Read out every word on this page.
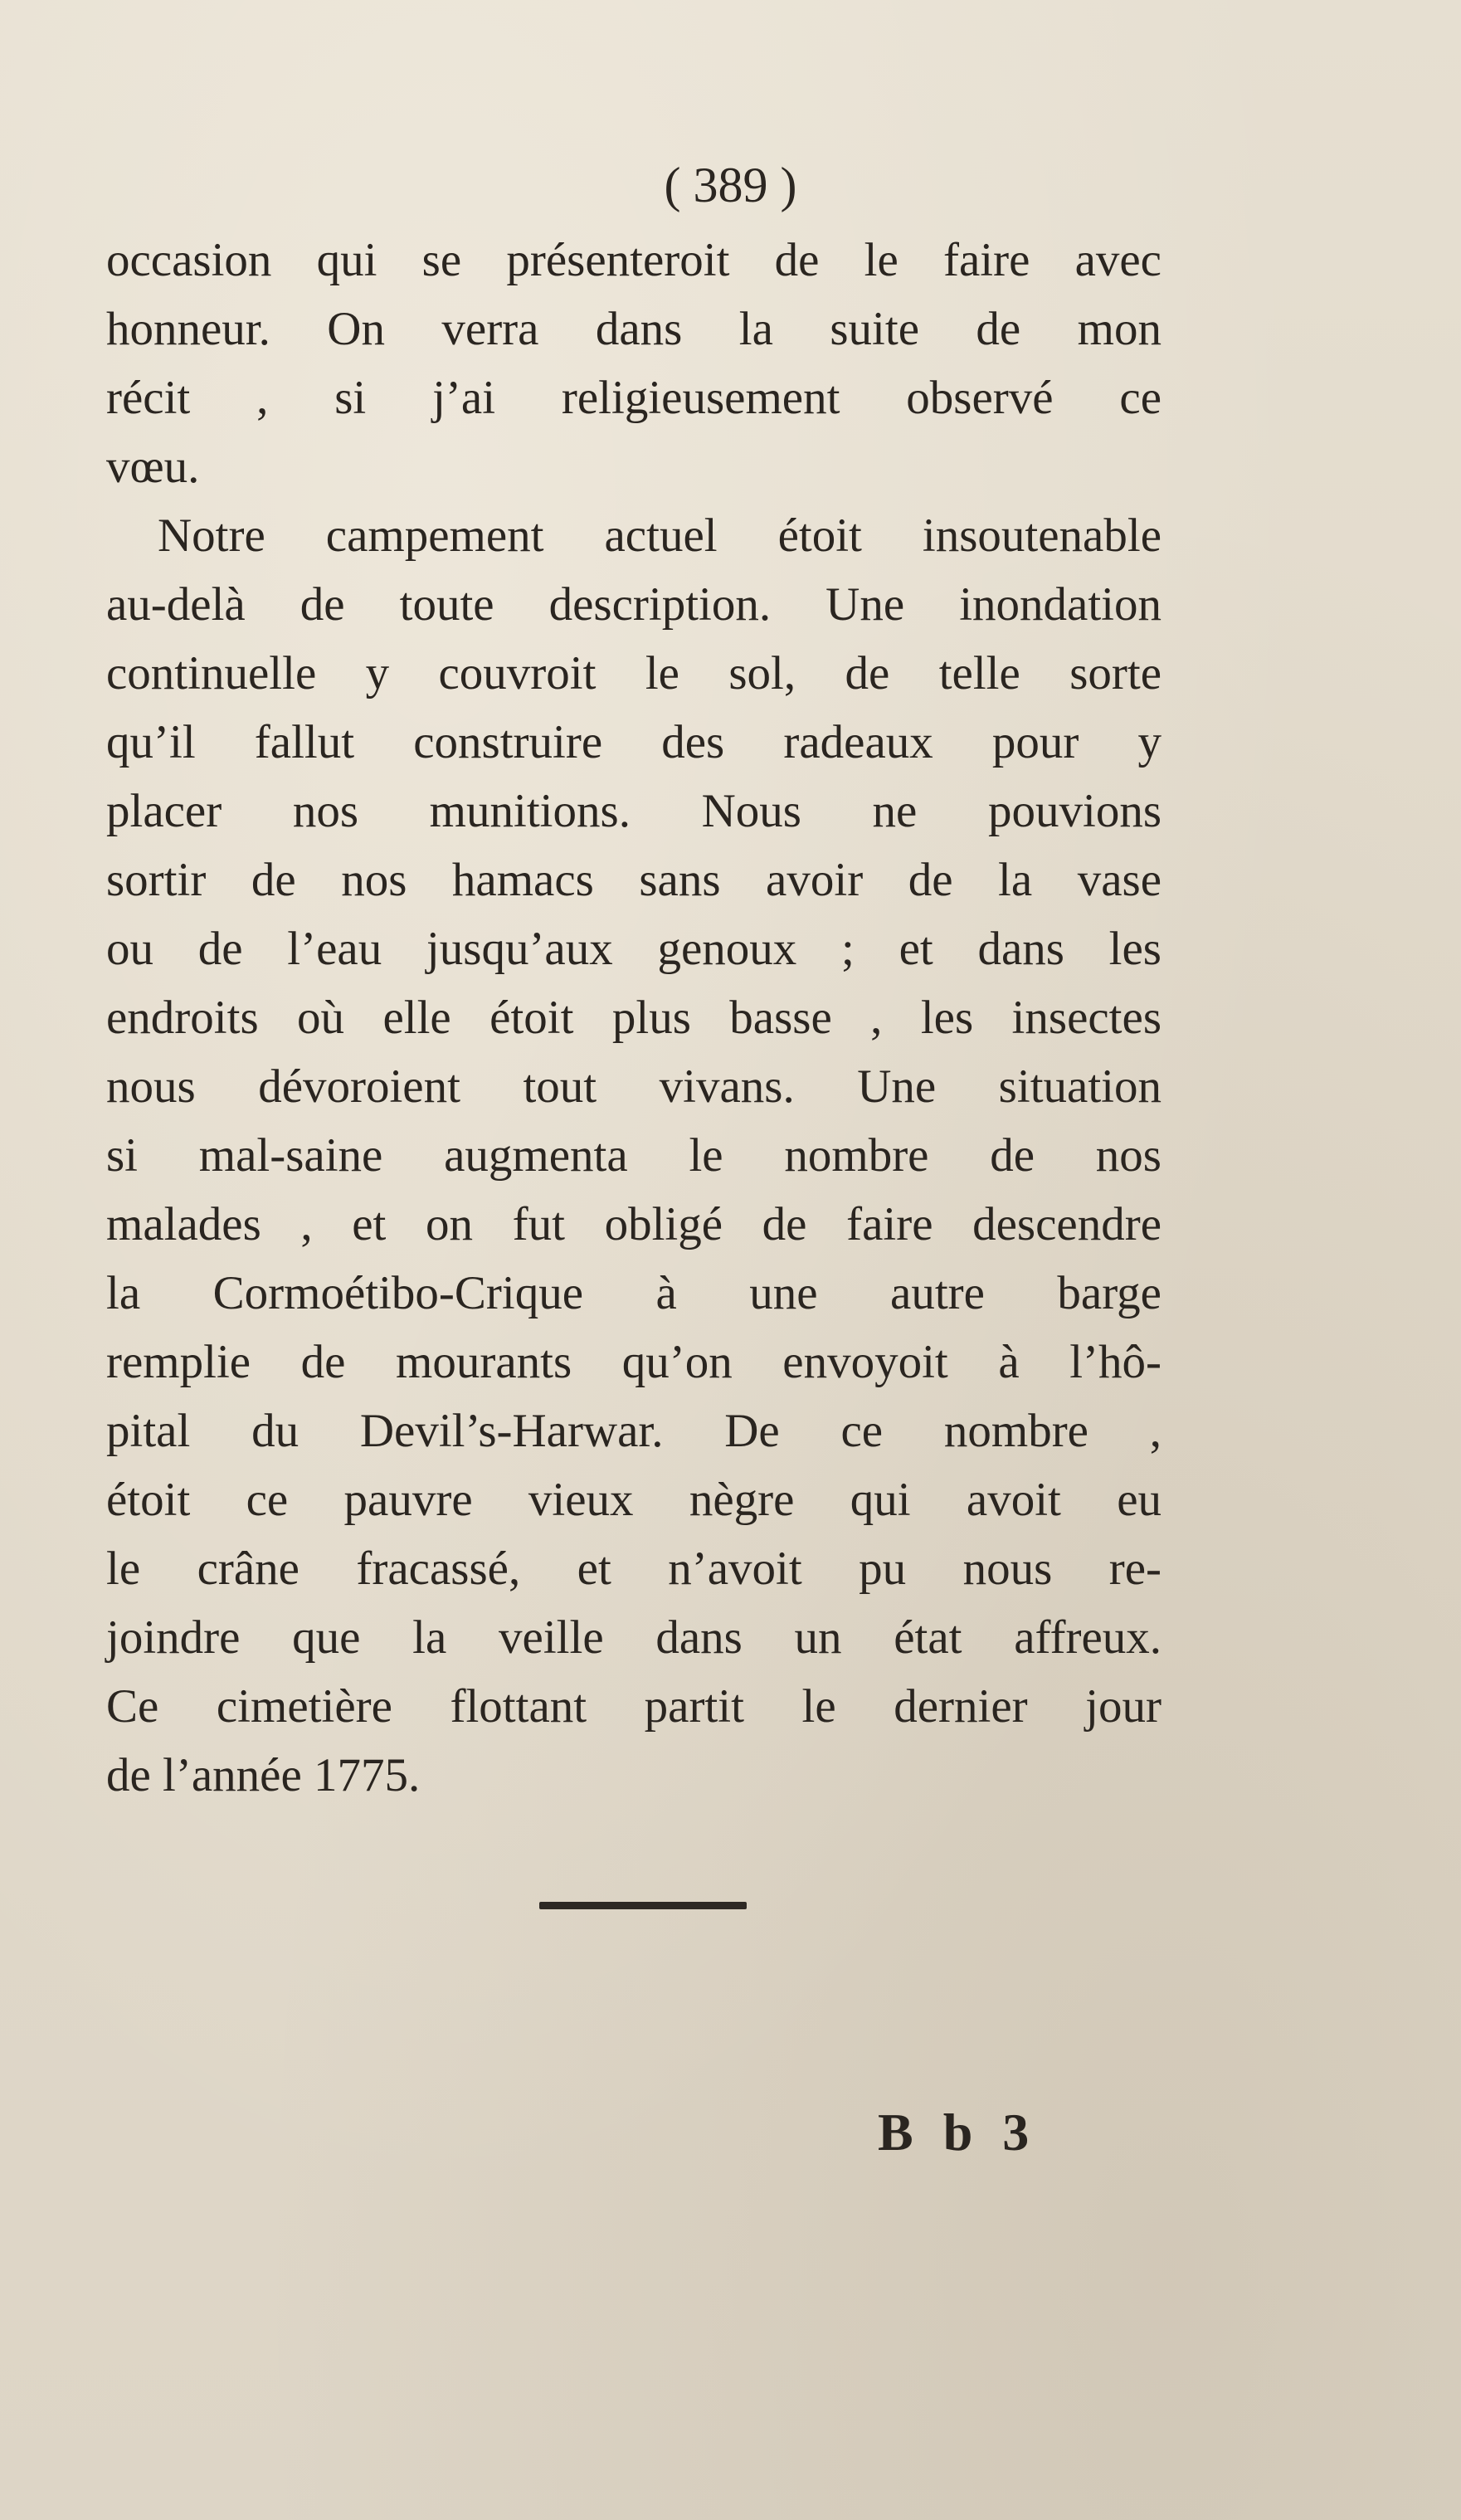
( 389 )
occasion qui se présenteroit de le faire avec
honneur. On verra dans la suite de mon
récit , si j’ai religieusement observé ce
vœu.
Notre campement actuel étoit insoutenable
au-delà de toute description. Une inondation
continuelle y couvroit le sol, de telle sorte
qu’il fallut construire des radeaux pour y
placer nos munitions. Nous ne pouvions
sortir de nos hamacs sans avoir de la vase
ou de l’eau jusqu’aux genoux ; et dans les
endroits où elle étoit plus basse , les insectes
nous dévoroient tout vivans. Une situation
si mal-saine augmenta le nombre de nos
malades , et on fut obligé de faire descendre
la Cormoétibo-Crique à une autre barge
remplie de mourants qu’on envoyoit à l’hô-
pital du Devil’s-Harwar. De ce nombre ,
étoit ce pauvre vieux nègre qui avoit eu
le crâne fracassé, et n’avoit pu nous re-
joindre que la veille dans un état affreux.
Ce cimetière flottant partit le dernier jour
de l’année 1775.
B b 3
